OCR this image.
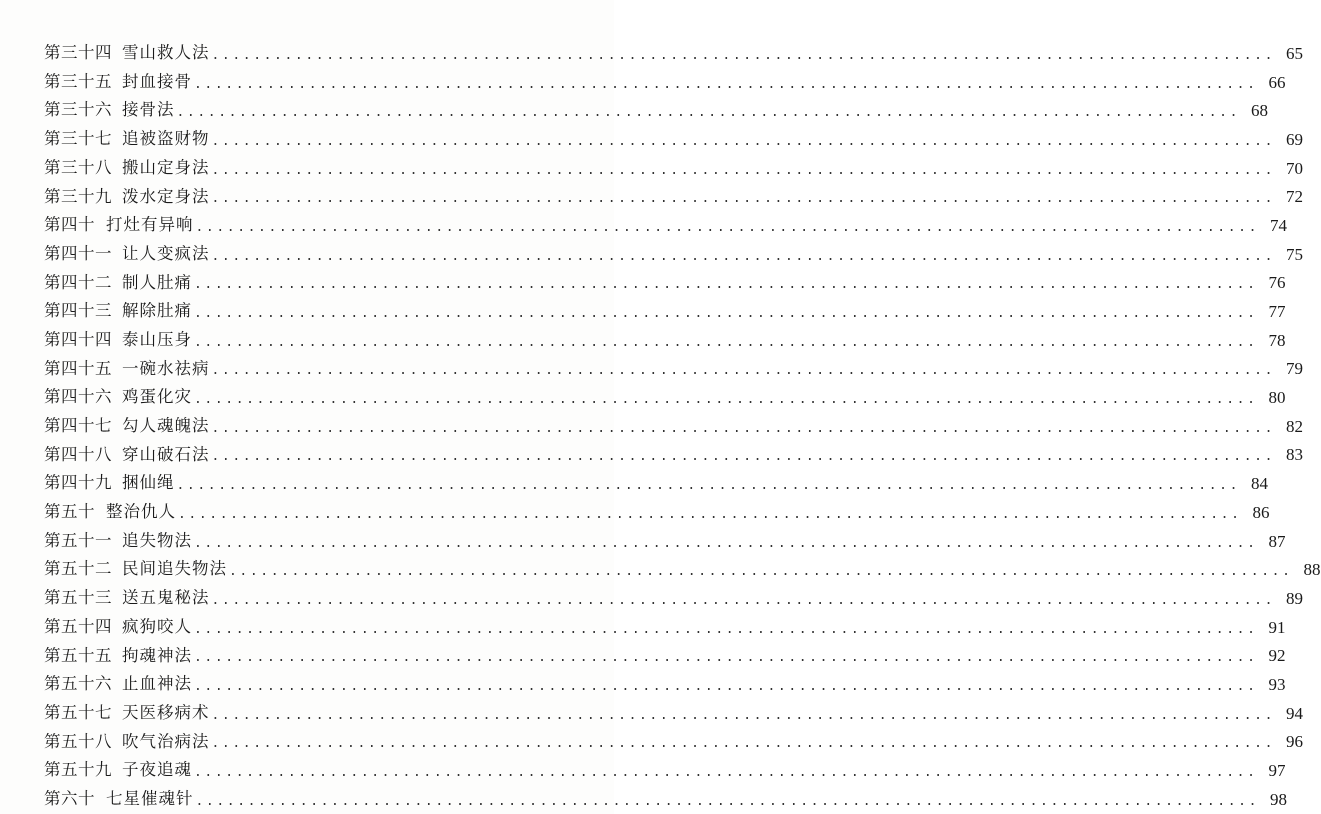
第三十四 雪山救人法 ...................................................................................................... 65
第三十五 封血接骨 ...................................................................................................... 66
第三十六 接骨法 ...................................................................................................... 68
第三十七 追被盗财物 ...................................................................................................... 69
第三十八 搬山定身法 ...................................................................................................... 70
第三十九 泼水定身法 ...................................................................................................... 72
第四十 打灶有异响 ...................................................................................................... 74
第四十一 让人变疯法 ...................................................................................................... 75
第四十二 制人肚痛 ...................................................................................................... 76
第四十三 解除肚痛 ...................................................................................................... 77
第四十四 泰山压身 ...................................................................................................... 78
第四十五 一碗水祛病 ...................................................................................................... 79
第四十六 鸡蛋化灾 ...................................................................................................... 80
第四十七 勾人魂魄法 ...................................................................................................... 82
第四十八 穿山破石法 ...................................................................................................... 83
第四十九 捆仙绳 ...................................................................................................... 84
第五十 整治仇人 ...................................................................................................... 86
第五十一 追失物法 ...................................................................................................... 87
第五十二 民间追失物法 ...................................................................................................... 88
第五十三 送五鬼秘法 ...................................................................................................... 89
第五十四 疯狗咬人 ...................................................................................................... 91
第五十五 拘魂神法 ...................................................................................................... 92
第五十六 止血神法 ...................................................................................................... 93
第五十七 天医移病术 ...................................................................................................... 94
第五十八 吹气治病法 ...................................................................................................... 96
第五十九 子夜追魂 ...................................................................................................... 97
第六十 七星催魂针 ...................................................................................................... 98
